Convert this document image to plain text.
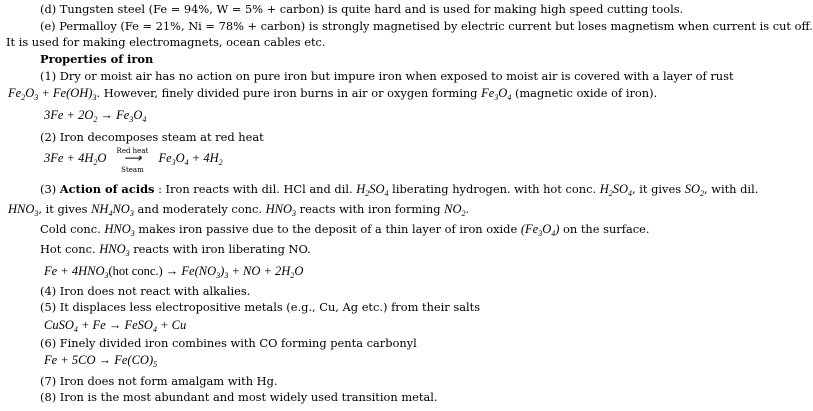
(d) Tungsten steel (Fe = 94%, W = 5% + carbon) is quite hard and is used for making high speed cutting tools.
(e) Permalloy (Fe = 21%, Ni = 78% + carbon) is strongly magnetised by electric current but loses magnetism when current is cut off.
It is used for making electromagnets, ocean cables etc.
Properties of iron
(1) Dry or moist air has no action on pure iron but impure iron when exposed to moist air is covered with a layer of rust
$Fe_2O_3 + Fe(OH)_3$. However, finely divided pure iron burns in air or oxygen forming $Fe_3O_4$ (magnetic oxide of iron).
$3Fe + 2O_2 \to Fe_3O_4$
(2) Iron decomposes steam at red heat
$3Fe + 4H_2O$	Red heat
⟶
Steam
$Fe_3O_4 + 4H_2$
(3) Action of acids : Iron reacts with dil. HCl and dil. $H_2SO_4$ liberating hydrogen. with hot conc. $H_2SO_4$, it gives $SO_2$, with dil.
$HNO_3$, it gives $NH_4NO_3$ and moderately conc. $HNO_3$ reacts with iron forming $NO_2$.
Cold conc. $HNO_3$ makes iron passive due to the deposit of a thin layer of iron oxide $(Fe_3O_4)$ on the surface.
Hot conc. $HNO_3$ reacts with iron liberating NO.
$Fe + 4HNO_3(hot$ conc.) → $Fe(NO_3)_3$ + NO + $2H_2O$
(4) Iron does not react with alkalies.
(5) It displaces less electropositive metals (e.g., Cu, Ag etc.) from their salts
CuSO$_4$ + Fe → FeSO$_4$ + Cu
(6) Finely divided iron combines with CO forming penta carbonyl
$Fe + 5CO \to Fe(CO)_5$
(7) Iron does not form amalgam with Hg.
(8) Iron is the most abundant and most widely used transition metal.
